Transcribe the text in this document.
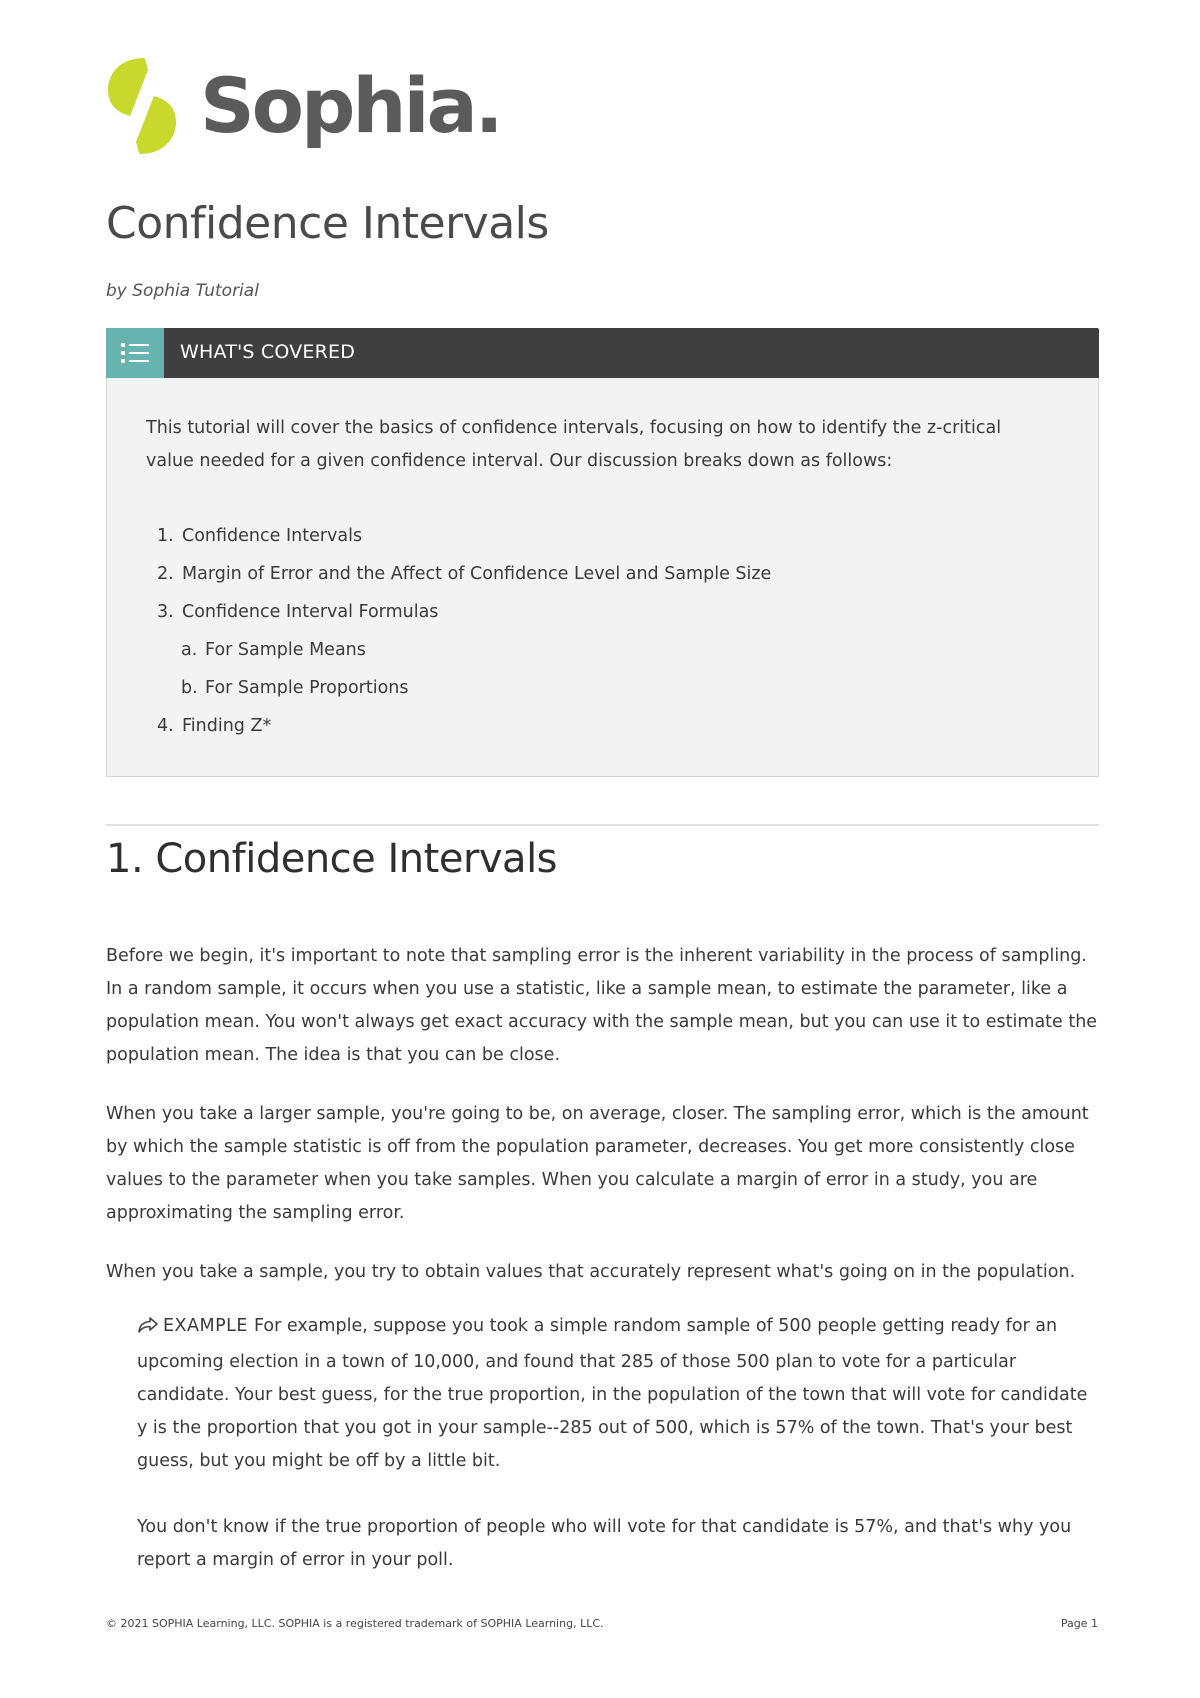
Sophia.
Confidence Intervals
by Sophia Tutorial
WHAT'S COVERED

This tutorial will cover the basics of confidence intervals, focusing on how to identify the z-critical value needed for a given confidence interval. Our discussion breaks down as follows:

1. Confidence Intervals
2. Margin of Error and the Affect of Confidence Level and Sample Size
3. Confidence Interval Formulas
a. For Sample Means
b. For Sample Proportions
4. Finding Z*
1. Confidence Intervals

Before we begin, it's important to note that sampling error is the inherent variability in the process of sampling. In a random sample, it occurs when you use a statistic, like a sample mean, to estimate the parameter, like a population mean. You won't always get exact accuracy with the sample mean, but you can use it to estimate the population mean. The idea is that you can be close.

When you take a larger sample, you're going to be, on average, closer. The sampling error, which is the amount by which the sample statistic is off from the population parameter, decreases. You get more consistently close values to the parameter when you take samples. When you calculate a margin of error in a study, you are approximating the sampling error.

When you take a sample, you try to obtain values that accurately represent what's going on in the population.

EXAMPLE For example, suppose you took a simple random sample of 500 people getting ready for an upcoming election in a town of 10,000, and found that 285 of those 500 plan to vote for a particular candidate. Your best guess, for the true proportion, in the population of the town that will vote for candidate y is the proportion that you got in your sample--285 out of 500, which is 57% of the town. That's your best guess, but you might be off by a little bit.

You don't know if the true proportion of people who will vote for that candidate is 57%, and that's why you report a margin of error in your poll.

© 2021 SOPHIA Learning, LLC. SOPHIA is a registered trademark of SOPHIA Learning, LLC.	Page 1
